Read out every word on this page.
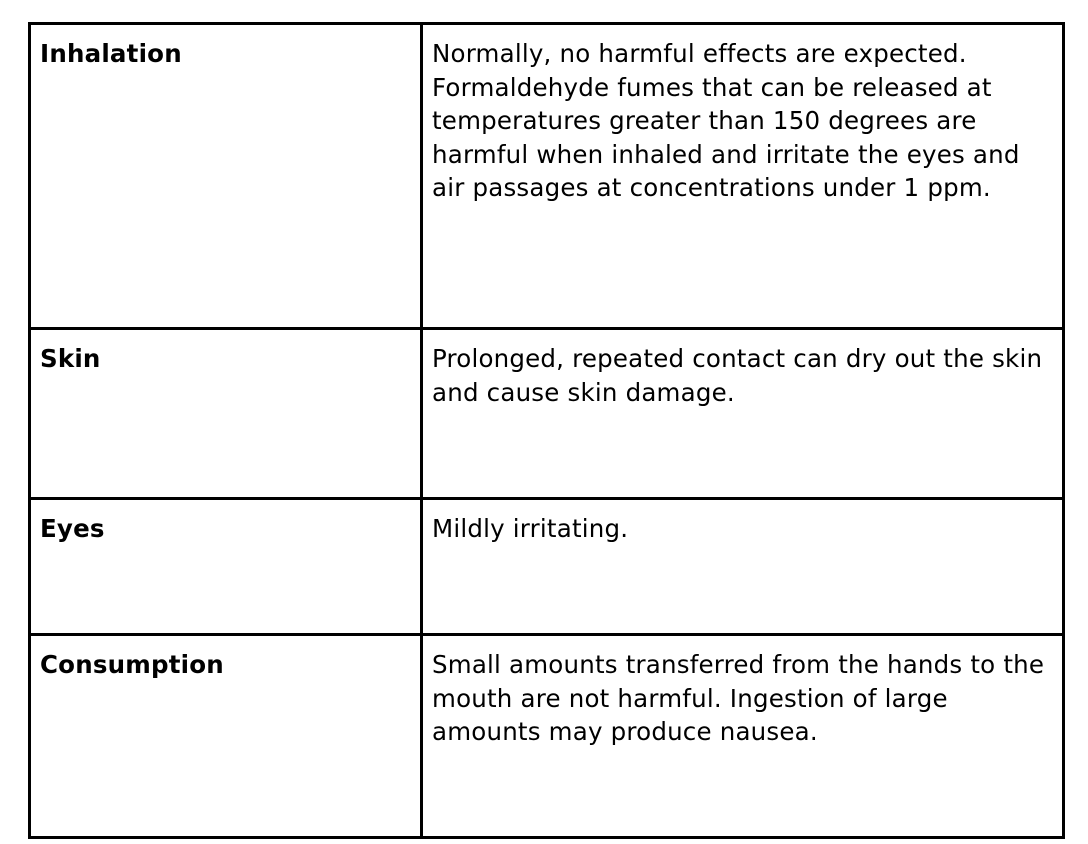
Inhalation	Normally, no harmful effects are expected. Formaldehyde fumes that can be released at temperatures greater than 150 degrees are harmful when inhaled and irritate the eyes and air passages at concentrations under 1 ppm.
Skin	Prolonged, repeated contact can dry out the skin and cause skin damage.
Eyes	Mildly irritating.
Consumption	Small amounts transferred from the hands to the mouth are not harmful. Ingestion of large amounts may produce nausea.
